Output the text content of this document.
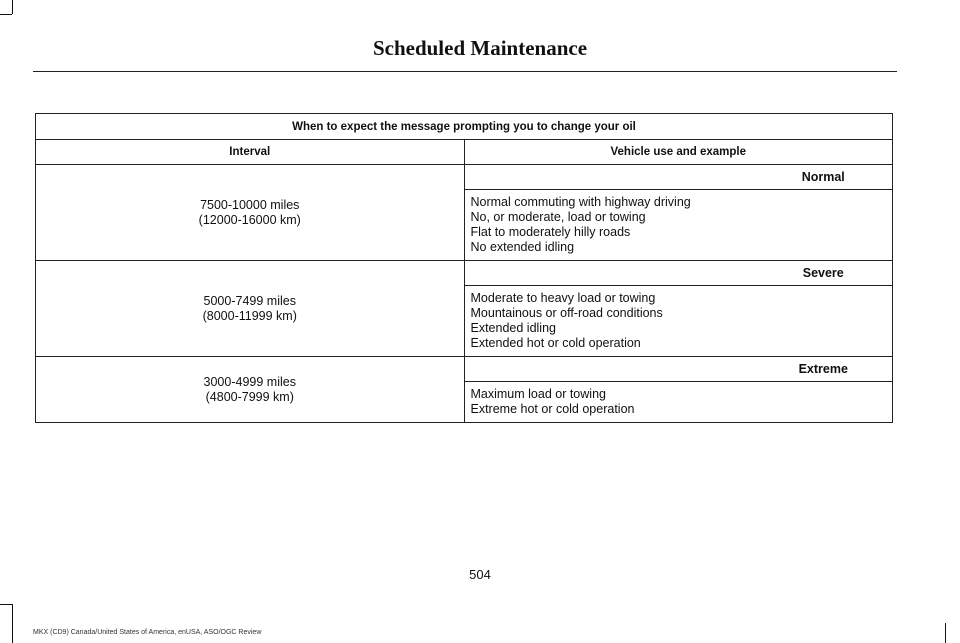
Scheduled Maintenance
When to expect the message prompting you to change your oil	
Interval	Vehicle use and example

7500-10000 miles
(12000-16000 km)	Normal

	Normal commuting with highway driving
No, or moderate, load or towing
Flat to moderately hilly roads
No extended idling

5000-7499 miles
(8000-11999 km)	Severe

	Moderate to heavy load or towing
Mountainous or off-road conditions
Extended idling
Extended hot or cold operation

3000-4999 miles
(4800-7999 km)	Extreme

	Maximum load or towing
Extreme hot or cold operation
504
MKX (CD9) Canada/United States of America, enUSA, ASO/OGC Review
